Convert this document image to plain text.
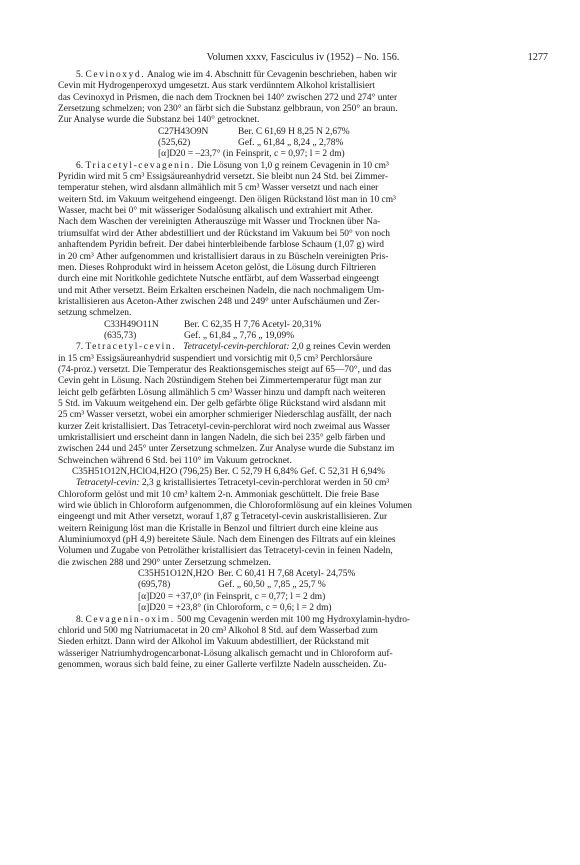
Volumen xxxv, Fasciculus iv (1952) – No. 156.	1277
5. Cevinoxyd. Analog wie im 4. Abschnitt für Cevagenin beschrieben, haben wir
Cevin mit Hydrogenperoxyd umgesetzt. Aus stark verdünntem Alkohol kristallisiert
das Cevinoxyd in Prismen, die nach dem Trocknen bei 140° zwischen 272 und 274° unter
Zersetzung schmelzen; von 230° an färbt sich die Substanz gelbbraun, von 250° an braun.
Zur Analyse wurde die Substanz bei 140° getrocknet.
C27H43O9N	Ber. C 61,69 H 8,25 N 2,67%
(525,62)	Gef. „ 61,84 „ 8,24 „ 2,78%
[α]D20 = –23,7° (in Feinsprit, c = 0,97; l = 2 dm)
6. Triacetyl-cevagenin. Die Lösung von 1,0 g reinem Cevagenin in 10 cm³
Pyridin wird mit 5 cm³ Essigsäureanhydrid versetzt. Sie bleibt nun 24 Std. bei Zimmer-
temperatur stehen, wird alsdann allmählich mit 5 cm³ Wasser versetzt und nach einer
weitern Std. im Vakuum weitgehend eingeengt. Den öligen Rückstand löst man in 10 cm³
Wasser, macht bei 0° mit wässeriger Sodalösung alkalisch und extrahiert mit Äther.
Nach dem Waschen der vereinigten Ätherauszüge mit Wasser und Trocknen über Na-
triumsulfat wird der Äther abdestilliert und der Rückstand im Vakuum bei 50° von noch
anhaftendem Pyridin befreit. Der dabei hinterbleibende farblose Schaum (1,07 g) wird
in 20 cm³ Äther aufgenommen und kristallisiert daraus in zu Büscheln vereinigten Pris-
men. Dieses Rohprodukt wird in heissem Aceton gelöst, die Lösung durch Filtrieren
durch eine mit Noritkohle gedichtete Nutsche entfärbt, auf dem Wasserbad eingeengt
und mit Äther versetzt. Beim Erkalten erscheinen Nadeln, die nach nochmaligem Um-
kristallisieren aus Aceton-Äther zwischen 248 und 249° unter Aufschäumen und Zer-
setzung schmelzen.
C33H49O11N	Ber. C 62,35 H 7,76 Acetyl- 20,31%
(635,73)	Gef. „ 61,84 „ 7,76 „ 19,09%
7. Tetracetyl-cevin. Tetracetyl-cevin-perchlorat: 2,0 g reines Cevin werden
in 15 cm³ Essigsäureanhydrid suspendiert und vorsichtig mit 0,5 cm³ Perchlorsäure
(74-proz.) versetzt. Die Temperatur des Reaktionsgemisches steigt auf 65—70°, und das
Cevin geht in Lösung. Nach 20stündigem Stehen bei Zimmertemperatur fügt man zur
leicht gelb gefärbten Lösung allmählich 5 cm³ Wasser hinzu und dampft nach weiteren
5 Std. im Vakuum weitgehend ein. Der gelb gefärbte ölige Rückstand wird alsdann mit
25 cm³ Wasser versetzt, wobei ein amorpher schmieriger Niederschlag ausfällt, der nach
kurzer Zeit kristallisiert. Das Tetracetyl-cevin-perchlorat wird noch zweimal aus Wasser
umkristallisiert und erscheint dann in langen Nadeln, die sich bei 235° gelb färben und
zwischen 244 und 245° unter Zersetzung schmelzen. Zur Analyse wurde die Substanz im
Schweinchen während 6 Std. bei 110° im Vakuum getrocknet.
C35H51O12N,HClO4,H2O (796,25) Ber. C 52,79 H 6,84% Gef. C 52,31 H 6,94%
Tetracetyl-cevin: 2,3 g kristallisiertes Tetracetyl-cevin-perchlorat werden in 50 cm³
Chloroform gelöst und mit 10 cm³ kaltem 2-n. Ammoniak geschüttelt. Die freie Base
wird wie üblich in Chloroform aufgenommen, die Chloroformlösung auf ein kleines Volumen
eingeengt und mit Äther versetzt, worauf 1,87 g Tetracetyl-cevin auskristallisieren. Zur
weitern Reinigung löst man die Kristalle in Benzol und filtriert durch eine kleine aus
Aluminiumoxyd (pH 4,9) bereitete Säule. Nach dem Einengen des Filtrats auf ein kleines
Volumen und Zugabe von Petroläther kristallisiert das Tetracetyl-cevin in feinen Nadeln,
die zwischen 288 und 290° unter Zersetzung schmelzen.
C35H51O12N,H2O Ber. C 60,41 H 7,68 Acetyl- 24,75%
(695,78)	Gef. „ 60,50 „ 7,85 „ 25,7 %
[α]D20 = +37,0° (in Feinsprit, c = 0,77; l = 2 dm)
[α]D20 = +23,8° (in Chloroform, c = 0,6; l = 2 dm)
8. Cevagenin-oxim. 500 mg Cevagenin werden mit 100 mg Hydroxylamin-hydro-
chlorid und 500 mg Natriumacetat in 20 cm³ Alkohol 8 Std. auf dem Wasserbad zum
Sieden erhitzt. Dann wird der Alkohol im Vakuum abdestilliert, der Rückstand mit
wässeriger Natriumhydrogencarbonat-Lösung alkalisch gemacht und in Chloroform auf-
genommen, woraus sich bald feine, zu einer Gallerte verfilzte Nadeln ausscheiden. Zu-
